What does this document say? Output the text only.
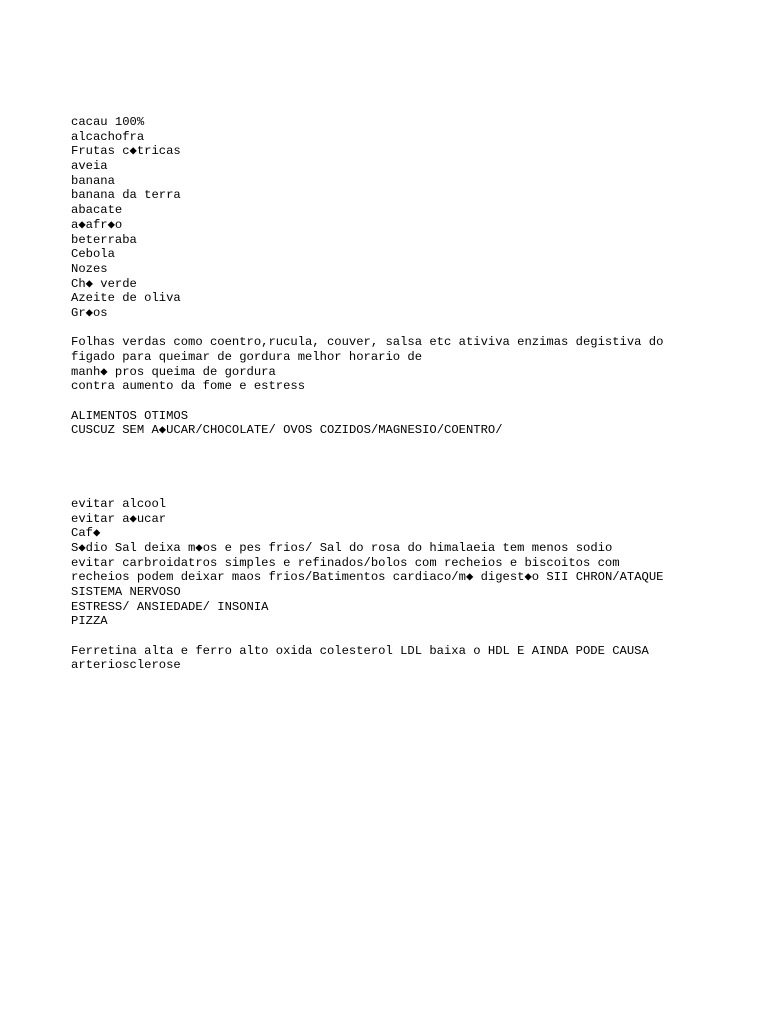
cacau 100%
alcachofra
Frutas c◆tricas
aveia
banana
banana da terra
abacate
a◆afr◆o
beterraba
Cebola
Nozes
Ch◆ verde
Azeite de oliva
Gr◆os
Folhas verdas como coentro,rucula, couver, salsa etc ativiva enzimas degistiva do
figado para queimar de gordura melhor horario de
manh◆ pros queima de gordura
contra aumento da fome e estress
ALIMENTOS OTIMOS
CUSCUZ SEM A◆UCAR/CHOCOLATE/ OVOS COZIDOS/MAGNESIO/COENTRO/
evitar alcool
evitar a◆ucar
Caf◆
S◆dio Sal deixa m◆os e pes frios/ Sal do rosa do himalaeia tem menos sodio
evitar carbroidatros simples e refinados/bolos com recheios e biscoitos com
recheios podem deixar maos frios/Batimentos cardiaco/m◆ digest◆o SII CHRON/ATAQUE
SISTEMA NERVOSO
ESTRESS/ ANSIEDADE/ INSONIA
PIZZA
Ferretina alta e ferro alto oxida colesterol LDL baixa o HDL E AINDA PODE CAUSA
arteriosclerose
